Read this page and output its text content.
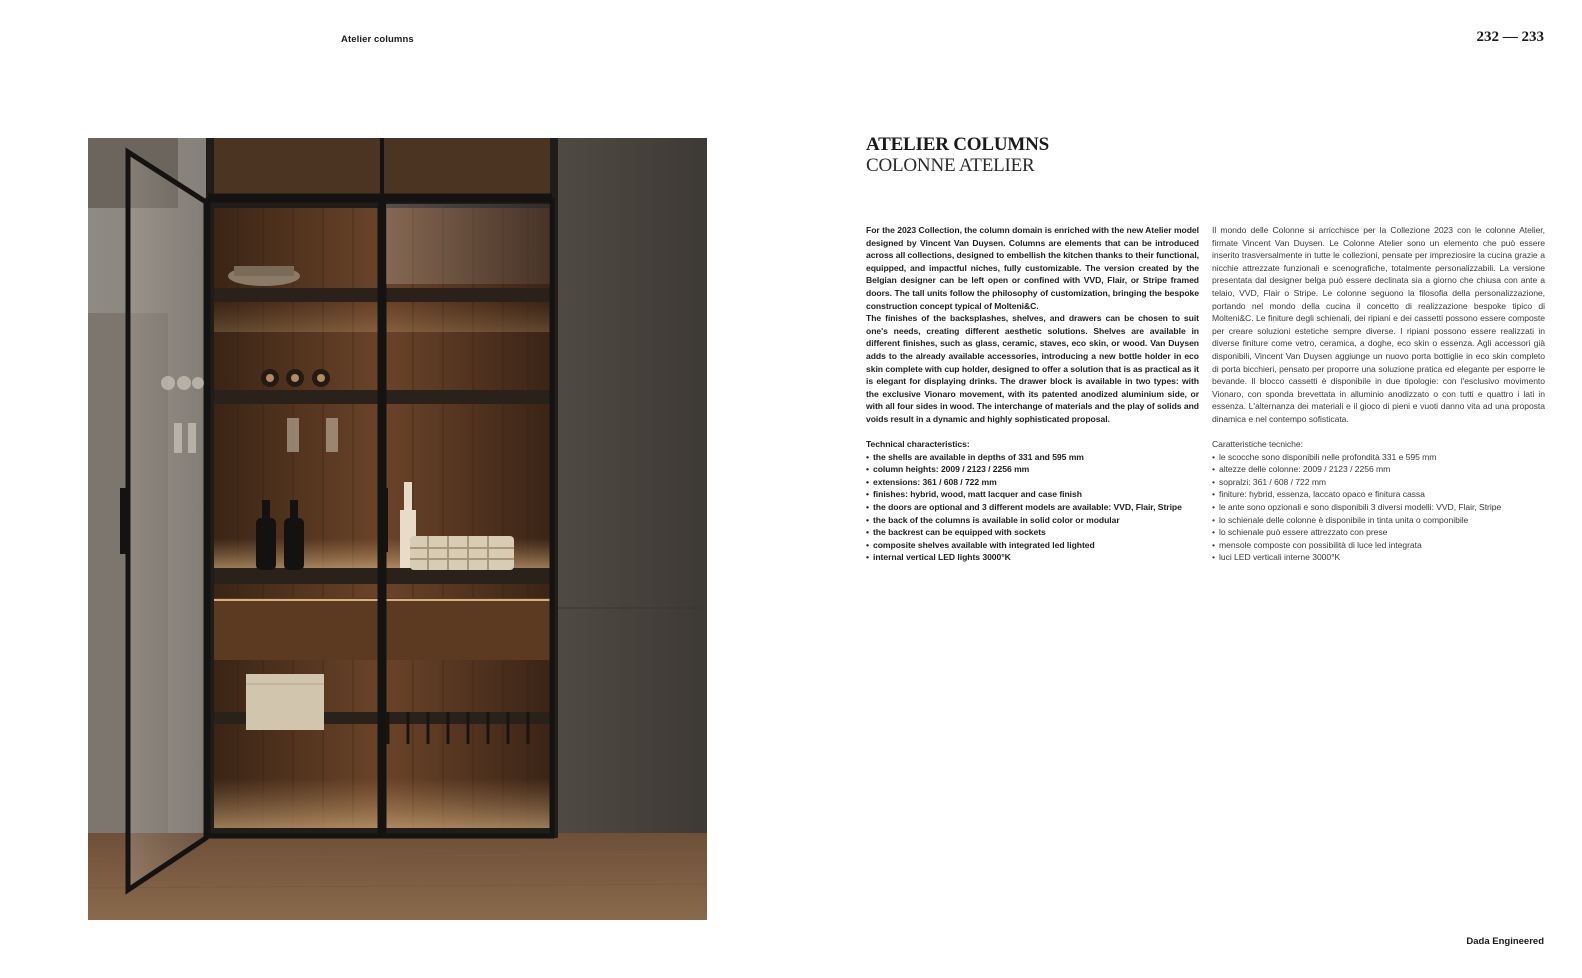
Atelier columns	232 — 233
ATELIER COLUMNS
COLONNE ATELIER

For the 2023 Collection, the column domain is enriched with the new Atelier model designed by Vincent Van Duysen. Columns are elements that can be introduced across all collections, designed to embellish the kitchen thanks to their functional, equipped, and impactful niches, fully customizable. The version created by the Belgian designer can be left open or confined with VVD, Flair, or Stripe framed doors. The tall units follow the philosophy of customization, bringing the bespoke construction concept typical of Molteni&C.

The finishes of the backsplashes, shelves, and drawers can be chosen to suit one's needs, creating different aesthetic solutions. Shelves are available in different finishes, such as glass, ceramic, staves, eco skin, or wood. Van Duysen adds to the already available accessories, introducing a new bottle holder in eco skin complete with cup holder, designed to offer a solution that is as practical as it is elegant for displaying drinks. The drawer block is available in two types: with the exclusive Vionaro movement, with its patented anodized aluminium side, or with all four sides in wood. The interchange of materials and the play of solids and voids result in a dynamic and highly sophisticated proposal.

Technical characteristics:

• the shells are available in depths of 331 and 595 mm
• column heights: 2009 / 2123 / 2256 mm
• extensions: 361 / 608 / 722 mm
• finishes: hybrid, wood, matt lacquer and case finish
• the doors are optional and 3 different models are available: VVD, Flair, Stripe
• the back of the columns is available in solid color or modular
• the backrest can be equipped with sockets
• composite shelves available with integrated led lighted
• internal vertical LED lights 3000°K

Il mondo delle Colonne si arricchisce per la Collezione 2023 con le colonne Atelier, firmate Vincent Van Duysen. Le Colonne Atelier sono un elemento che può essere inserito trasversalmente in tutte le collezioni, pensate per impreziosire la cucina grazie a nicchie attrezzate funzionali e scenografiche, totalmente personalizzabili. La versione presentata dal designer belga può essere declinata sia a giorno che chiusa con ante a telaio, VVD, Flair o Stripe. Le colonne seguono la filosofia della personalizzazione, portando nel mondo della cucina il concetto di realizzazione bespoke tipico di Molteni&C. Le finiture degli schienali, dei ripiani e dei cassetti possono essere composte per creare soluzioni estetiche sempre diverse. I ripiani possono essere realizzati in diverse finiture come vetro, ceramica, a doghe, eco skin o essenza. Agli accessori già disponibili, Vincent Van Duysen aggiunge un nuovo porta bottiglie in eco skin completo di porta bicchieri, pensato per proporre una soluzione pratica ed elegante per esporre le bevande. Il blocco cassetti è disponibile in due tipologie: con l'esclusivo movimento Vionaro, con sponda brevettata in alluminio anodizzato o con tutti e quattro i lati in essenza. L'alternanza dei materiali e il gioco di pieni e vuoti danno vita ad una proposta dinamica e nel contempo sofisticata.

Caratteristiche tecniche:

• le scocche sono disponibili nelle profondità 331 e 595 mm
• altezze delle colonne: 2009 / 2123 / 2256 mm
• sopralzi: 361 / 608 / 722 mm
• finiture: hybrid, essenza, laccato opaco e finitura cassa
• le ante sono opzionali e sono disponibili 3 diversi modelli: VVD, Flair, Stripe
• lo schienale delle colonne è disponibile in tinta unita o componibile
• lo schienale può essere attrezzato con prese
• mensole composte con possibilità di luce led integrata
• luci LED verticali interne 3000°K
Dada Engineered
